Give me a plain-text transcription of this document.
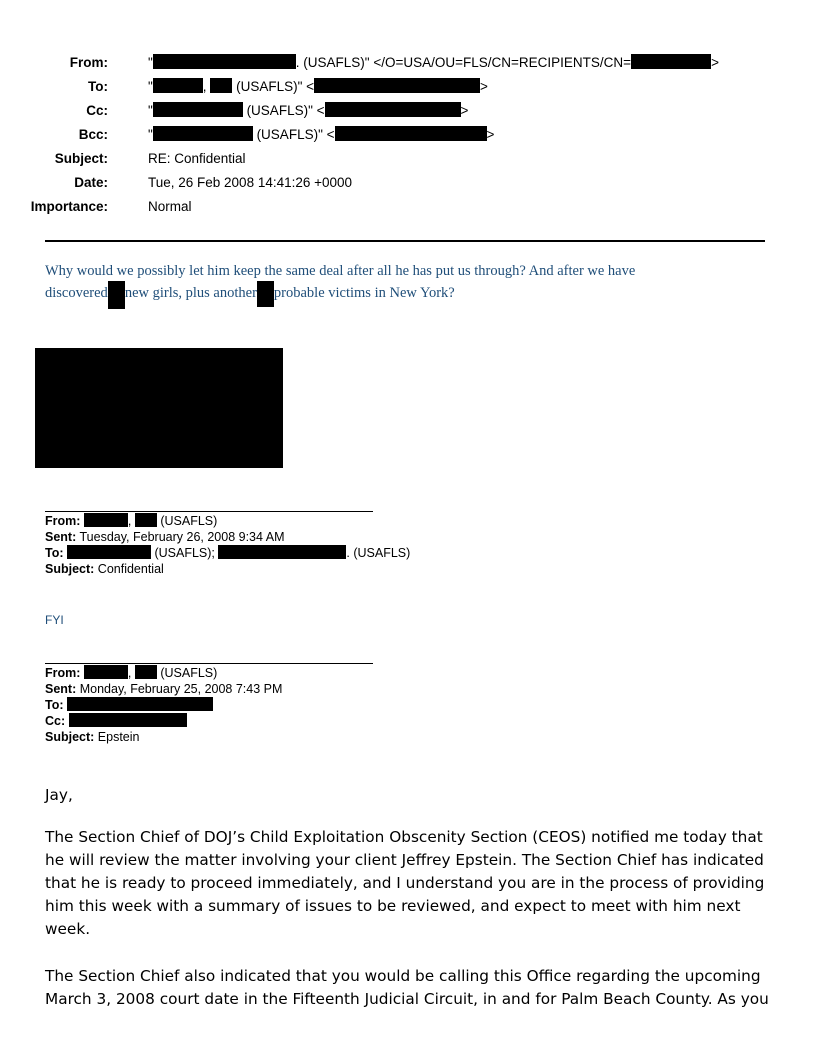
From:	"	. (USAFLS)" </O=USA/OU=FLS/CN=RECIPIENTS/CN=	>
To:	"	, (USAFLS)" <	>
Cc:	"	(USAFLS)" <	>
Bcc:	"	(USAFLS)" <	>
Subject:	RE: Confidential
Date:	Tue, 26 Feb 2008 14:41:26 +0000
Importance:	Normal
Why would we possibly let him keep the same deal after all he has put us through? And after we have
discovered new girls, plus another probable victims in New York?
From:	, (USAFLS)
Sent: Tuesday, February 26, 2008 9:34 AM
To:	(USAFLS);	. (USAFLS)
Subject: Confidential
FYI
From:	, (USAFLS)
Sent: Monday, February 25, 2008 7:43 PM
To:
Cc:
Subject: Epstein
Jay,
The Section Chief of DOJ’s Child Exploitation Obscenity Section (CEOS) notified me today that he will review the matter involving your client Jeffrey Epstein. The Section Chief has indicated that he is ready to proceed immediately, and I understand you are in the process of providing him this week with a summary of issues to be reviewed, and expect to meet with him next week.
The Section Chief also indicated that you would be calling this Office regarding the upcoming March 3, 2008 court date in the Fifteenth Judicial Circuit, in and for Palm Beach County. As you
